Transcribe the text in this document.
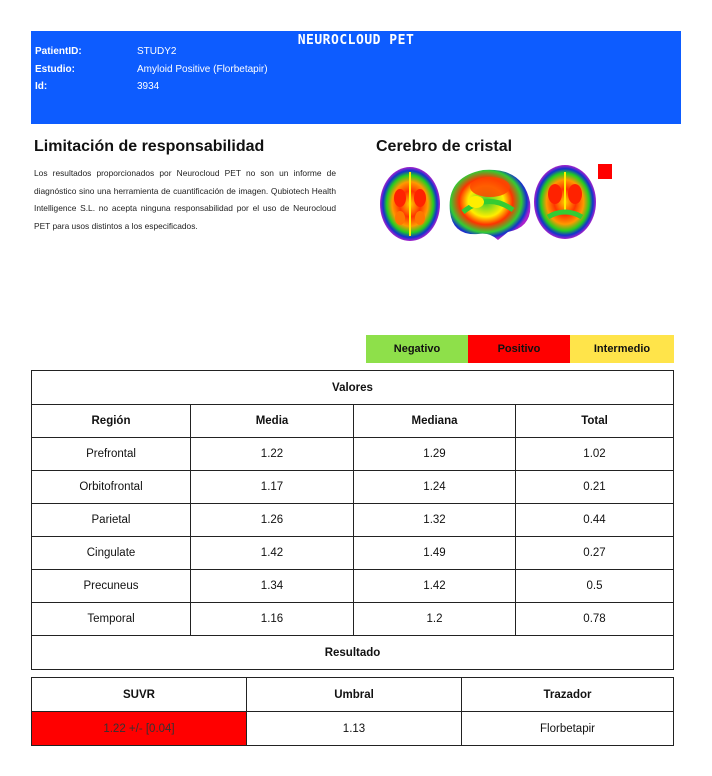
NEUROCLOUD PET
PatientID:	STUDY2
Estudio:	Amyloid Positive (Florbetapir)
Id:	3934
Limitación de responsabilidad
Los resultados proporcionados por Neurocloud PET no son un informe de diagnóstico sino una herramienta de cuantificación de imagen. Qubiotech Health Intelligence S.L. no acepta ninguna responsabilidad por el uso de Neurocloud PET para usos distintos a los especificados.
Cerebro de cristal
Negativo	Positivo	Intermedio
Valores			
Región	Media	Mediana	Total
Prefrontal	1.22	1.29	1.02
Orbitofrontal	1.17	1.24	0.21
Parietal	1.26	1.32	0.44
Cingulate	1.42	1.49	0.27
Precuneus	1.34	1.42	0.5
Temporal	1.16	1.2	0.78
Resultado			
SUVR	Umbral	Trazador
1.22 +/- [0.04]	1.13	Florbetapir
